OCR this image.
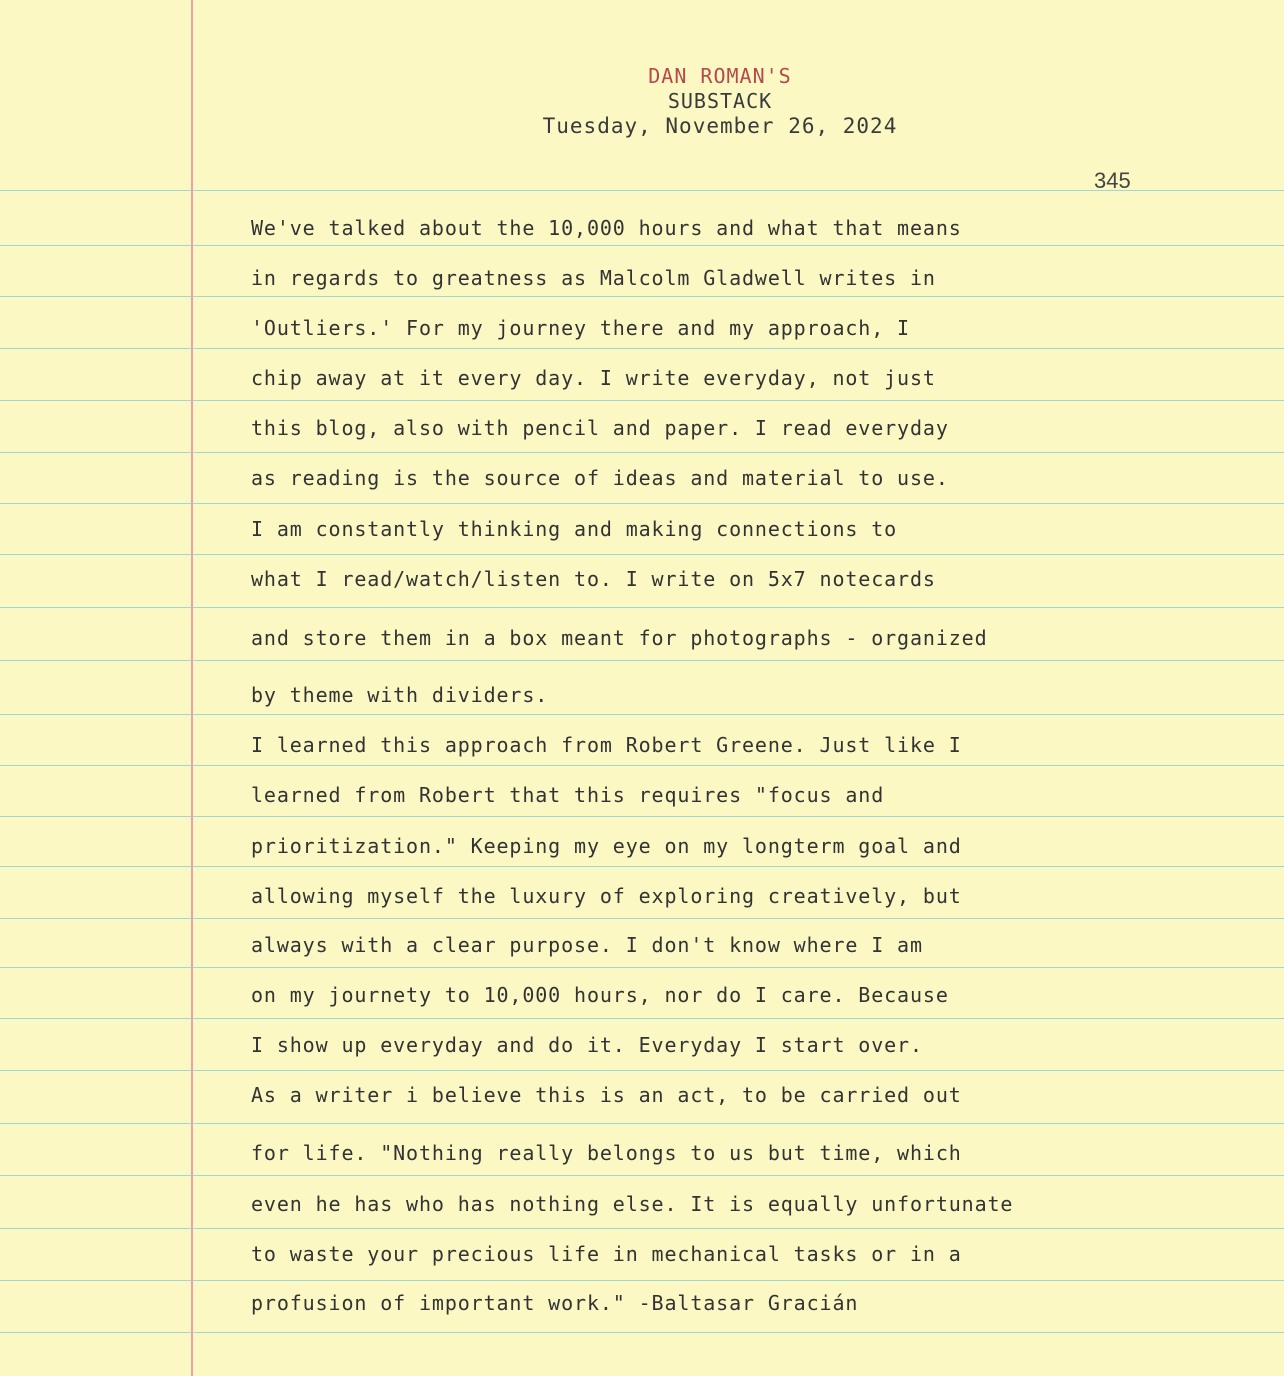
DAN ROMAN'S
SUBSTACK
Tuesday, November 26, 2024
345
We've talked about the 10,000 hours and what that means
in regards to greatness as Malcolm Gladwell writes in
'Outliers.' For my journey there and my approach, I
chip away at it every day. I write everyday, not just
this blog, also with pencil and paper. I read everyday
as reading is the source of ideas and material to use.
I am constantly thinking and making connections to
what I read/watch/listen to. I write on 5x7 notecards
and store them in a box meant for photographs - organized
by theme with dividers.
I learned this approach from Robert Greene. Just like I
learned from Robert that this requires "focus and
prioritization." Keeping my eye on my longterm goal and
allowing myself the luxury of exploring creatively, but
always with a clear purpose. I don't know where I am
on my journety to 10,000 hours, nor do I care. Because
I show up everyday and do it. Everyday I start over.
As a writer i believe this is an act, to be carried out
for life. "Nothing really belongs to us but time, which
even he has who has nothing else. It is equally unfortunate
to waste your precious life in mechanical tasks or in a
profusion of important work." -Baltasar Gracián
